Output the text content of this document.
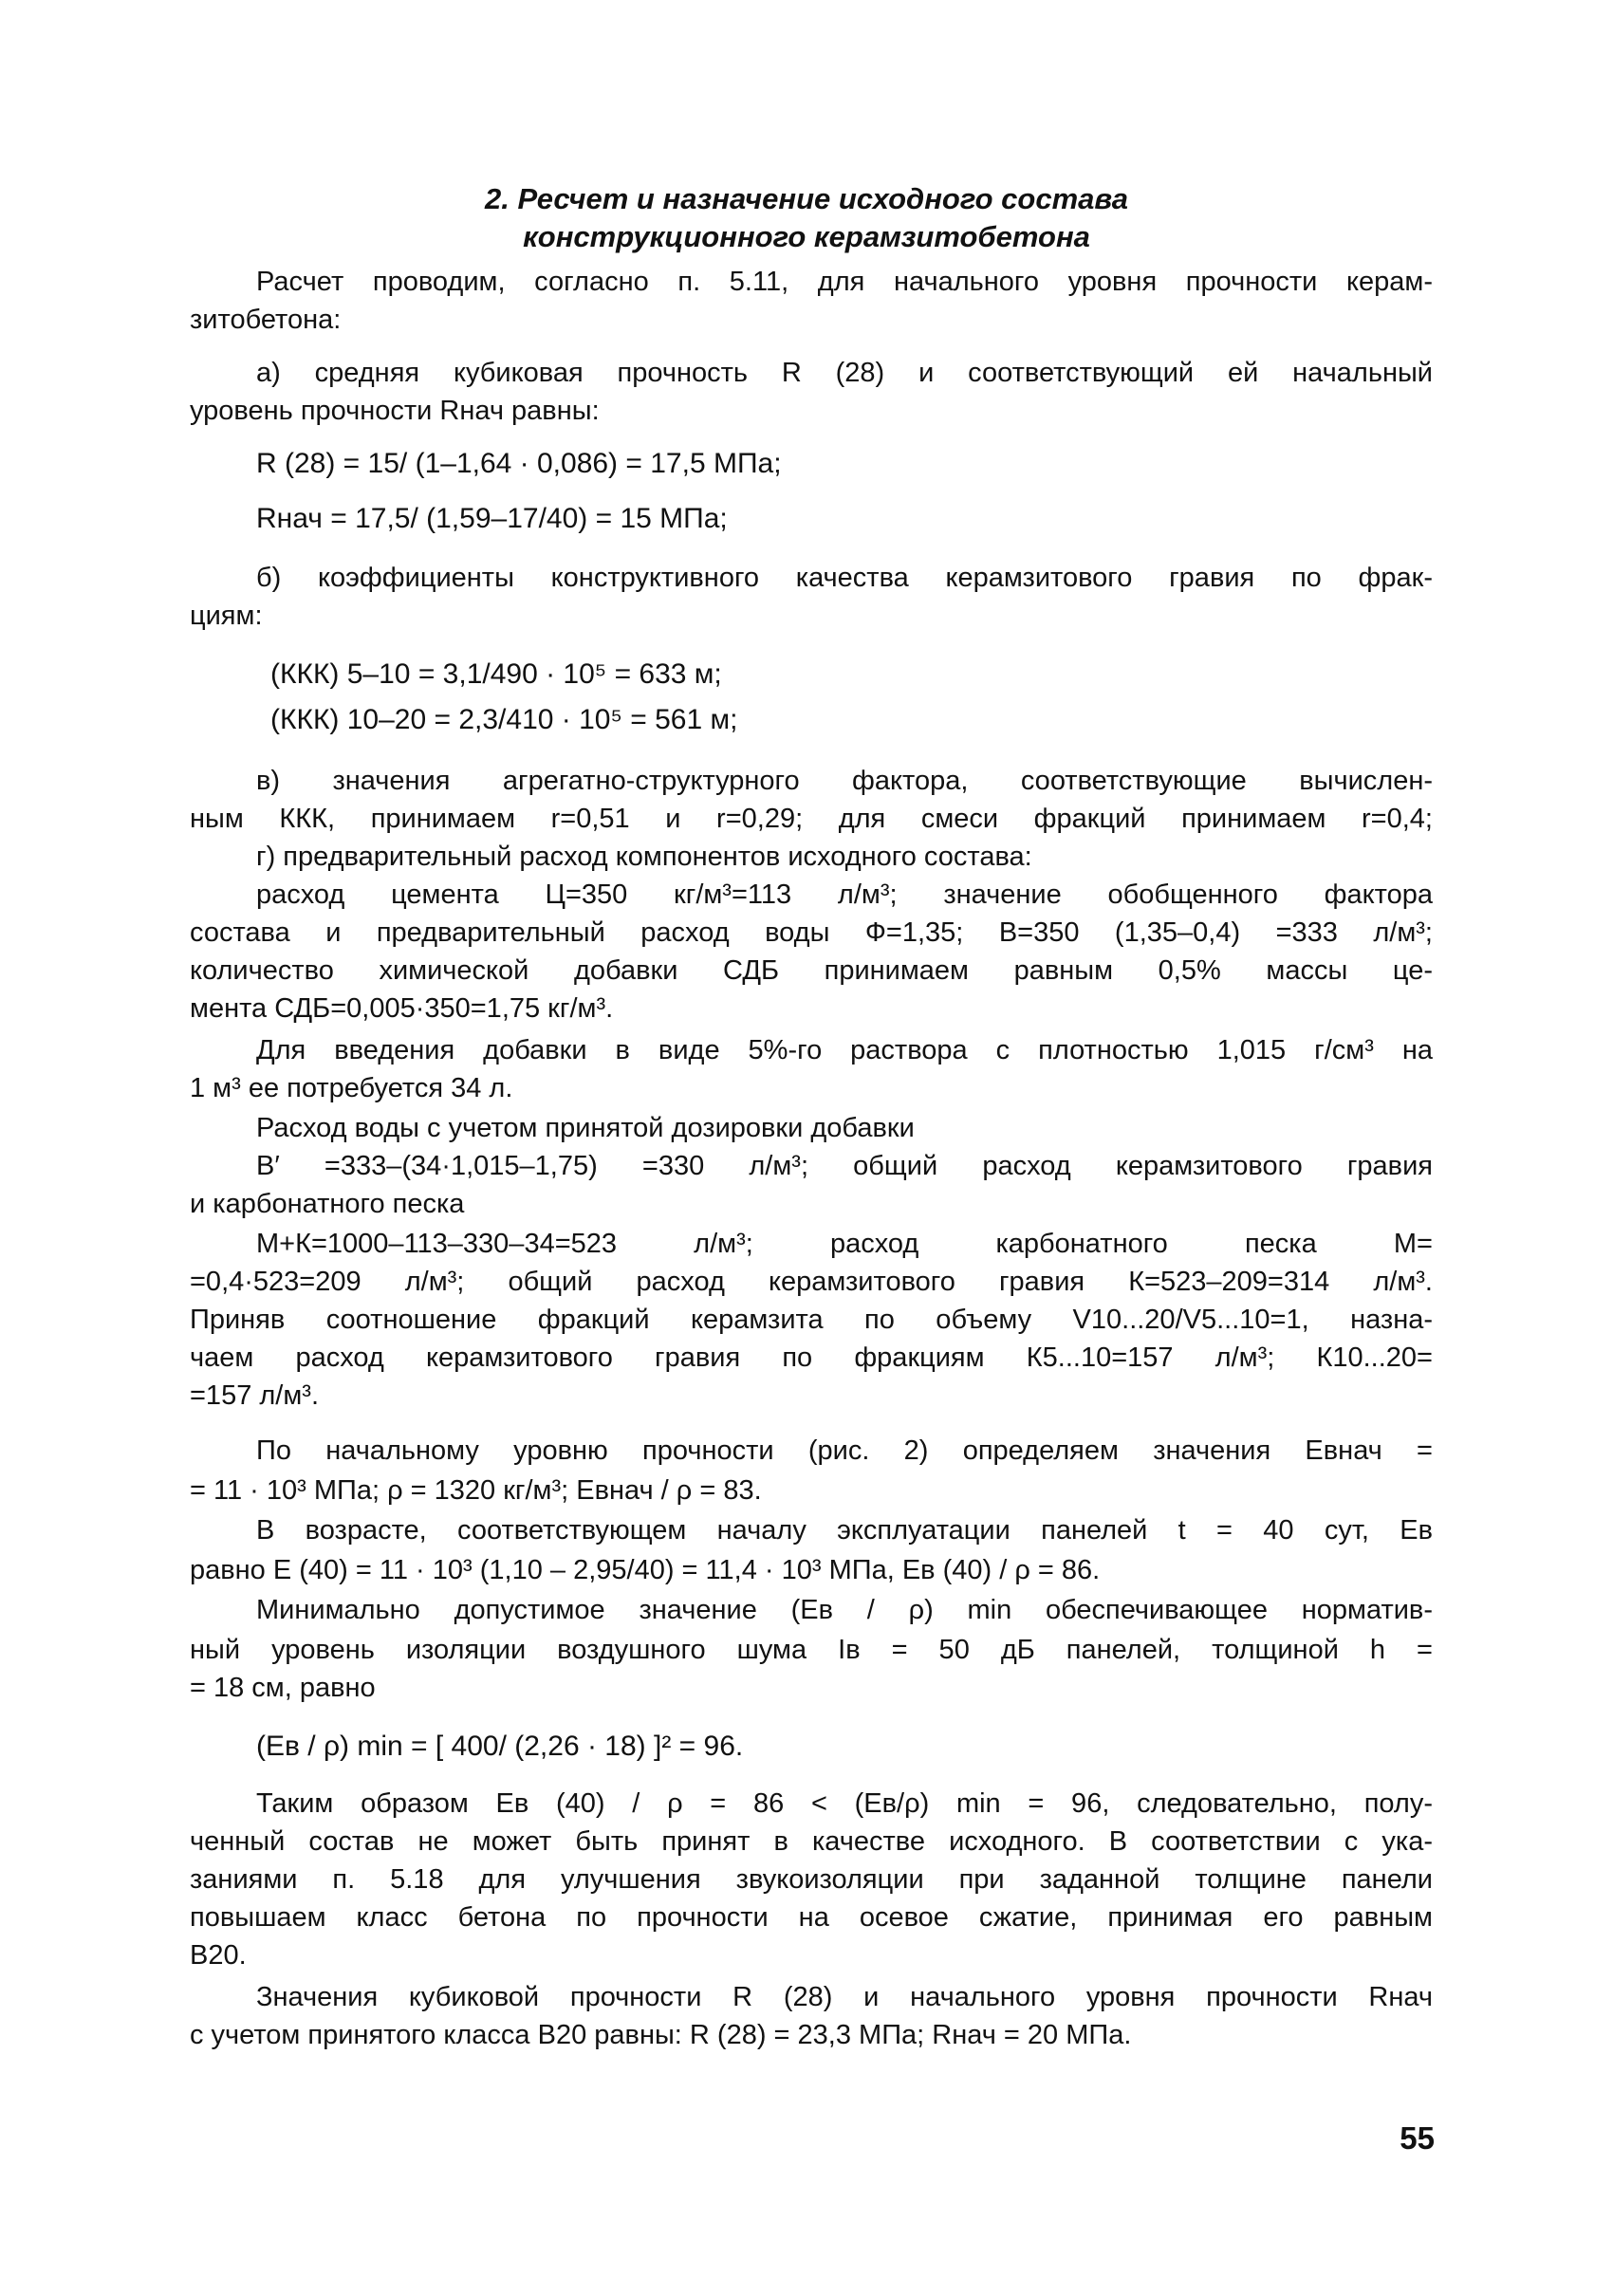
2. Ресчет и назначение исходного состава
конструкционного керамзитобетона
Расчет проводим, согласно п. 5.11, для начального уровня прочности керам-
зитобетона:
а) средняя кубиковая прочность R (28) и соответствующий ей начальный
уровень прочности Rнач равны:
R (28) = 15/ (1–1,64 · 0,086) = 17,5 МПа;
Rнач = 17,5/ (1,59–17/40) = 15 МПа;
б) коэффициенты конструктивного качества керамзитового гравия по фрак-
циям:
(ККК) 5–10 = 3,1/490 · 10⁵ = 633 м;
(ККК) 10–20 = 2,3/410 · 10⁵ = 561 м;
в) значения агрегатно-структурного фактора, соответствующие вычислен-
ным ККК, принимаем r=0,51 и r=0,29; для смеси фракций принимаем r=0,4;
г) предварительный расход компонентов исходного состава:
расход цемента Ц=350 кг/м³=113 л/м³; значение обобщенного фактора
состава и предварительный расход воды Ф=1,35; В=350 (1,35–0,4) =333 л/м³;
количество химической добавки СДБ принимаем равным 0,5% массы це-
мента СДБ=0,005·350=1,75 кг/м³.
Для введения добавки в виде 5%-го раствора с плотностью 1,015 г/см³ на
1 м³ ее потребуется 34 л.
Расход воды с учетом принятой дозировки добавки
В′ =333–(34·1,015–1,75) =330 л/м³; общий расход керамзитового гравия
и карбонатного песка
М+К=1000–113–330–34=523 л/м³; расход карбонатного песка М=
=0,4·523=209 л/м³; общий расход керамзитового гравия К=523–209=314 л/м³.
Приняв соотношение фракций керамзита по объему V10...20/V5...10=1, назна-
чаем расход керамзитового гравия по фракциям К5...10=157 л/м³; К10...20=
=157 л/м³.
По начальному уровню прочности (рис. 2) определяем значения Eвнач =
= 11 · 10³ МПа; ρ = 1320 кг/м³; Eвнач / ρ = 83.
В возрасте, соответствующем началу эксплуатации панелей t = 40 сут, Eв
равно E (40) = 11 · 10³ (1,10 – 2,95/40) = 11,4 · 10³ МПа, Eв (40) / ρ = 86.
Минимально допустимое значение (Eв / ρ) min обеспечивающее норматив-
ный уровень изоляции воздушного шума Iв = 50 дБ панелей, толщиной h =
= 18 см, равно
(Eв / ρ) min = [ 400/ (2,26 · 18) ]² = 96.
Таким образом Eв (40) / ρ = 86 < (Eв/ρ) min = 96, следовательно, полу-
ченный состав не может быть принят в качестве исходного. В соответствии с ука-
заниями п. 5.18 для улучшения звукоизоляции при заданной толщине панели
повышаем класс бетона по прочности на осевое сжатие, принимая его равным
В20.
Значения кубиковой прочности R (28) и начального уровня прочности Rнач
с учетом принятого класса В20 равны: R (28) = 23,3 МПа; Rнач = 20 МПа.
55
